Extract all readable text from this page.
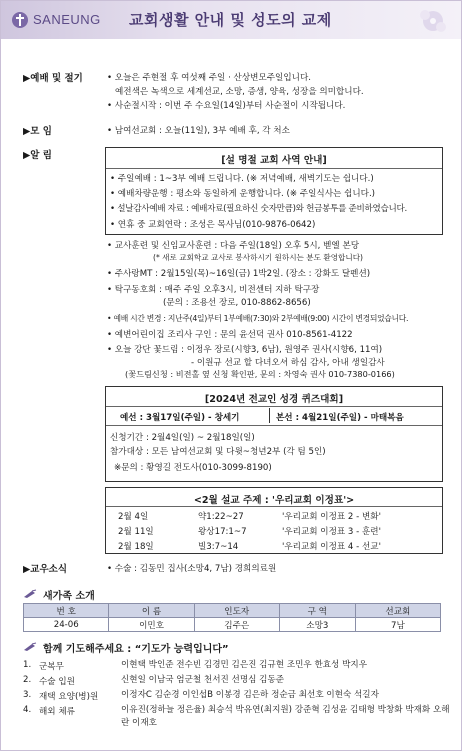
SANEUNG 교회생활 안내 및 성도의 교제
▶예배 및 절기	• 오늘은 주현절 후 여섯째 주일 · 산상변모주일입니다.
예전색은 녹색으로 세계선교, 소망, 증생, 양육, 성장을 의미합니다.
• 사순절시작 : 이번 주 수요일(14일)부터 사순절이 시작됩니다.
▶모 임	• 남여선교회 : 오늘(11일), 3부 예배 후, 각 처소
▶알 림	[설 명절 교회 사역 안내]
• 주일예배 : 1~3부 예배 드립니다. (※ 저녁예배, 새벽기도는 쉽니다.)
• 예배차량운행 : 평소와 동일하게 운행합니다. (※ 주일식사는 쉽니다.)
• 설날감사예배 자료 : 예배자료(필요하신 숫자만큼)와 헌금봉투를 준비하였습니다.
• 연휴 중 교회연락 : 조성은 목사님(010-9876-0642)
• 교사훈련 및 신임교사훈련 : 다음 주일(18일) 오후 5시, 벧엘 본당
(* 새로 교회학교 교사로 봉사하시기 원하시는 분도 환영합니다)
• 주사랑MT : 2월15일(목)~16일(금) 1박2일. (장소 : 강화도 달펜션)
• 탁구동호회 : 매주 주일 오후3시, 비전센터 지하 탁구장
(문의 : 조용선 장로, 010-8862-8656)
• 예배 시간 변경 : 지난주(4일)부터 1부예배(7:30)와 2부예배(9:00) 시간이 변경되었습니다.
• 예변어린이집 조리사 구인 : 문의 윤선덕 권사 010-8561-4122
• 오늘 강단 꽃드림 : 이정우 장로(시향3, 6남), 원영주 권사(시향6, 11여)
- 이원규 선교 할 다녀오셔 하심 감사, 아내 생일감사
(꽃드림신청 : 비전홀 옆 신청 확인판, 문의 : 차영숙 권사 010-7380-0166)
[2024년 전교인 성경 퀴즈대회]
예선 : 3월17일(주일) - 창세기	본선 : 4월21일(주일) - 마태복음
신청기간 : 2월4일(일) ~ 2월18일(일)
참가대상 : 모든 남여선교회 및 다윗~청년2부 (각 팀 5인)
※문의 : 황영길 전도사(010-3099-8190)
<2월 설교 주제 : '우리교회 이정표'>
2월 4일	약1:22~27	'우리교회 이정표 2 - 변화'
2월 11일	왕상17:1~7	'우리교회 이정표 3 - 훈련'
2월 18일	빌3:7~14	'우리교회 이정표 4 - 선교'
▶교우소식	• 수술 : 김동민 집사(소망4, 7남) 경희의료원
새가족 소개
번 호	이 름	인도자	구 역	선교회
24-06	이민호	김주은	소망3	7남
함께 기도해주세요 : “기도가 능력입니다”
1. 군복무	이현택 박인준 전수빈 김경민 김은진 김규현 조민우 한효성 박지우
2. 수술 입원	신현일 이남국 엄군철 천서진 선명심 김동준
3. 재택 요양(병)원	이정자C 김순경 이인섭B 이봉경 김은하 정순금 최선호 이현숙 석길자
4. 해외 체류	이유진(정하늘 정은율) 최승석 박유연(최지원) 강준혁 김성윤 김태형 박창화 박재화 오해란 이재호
